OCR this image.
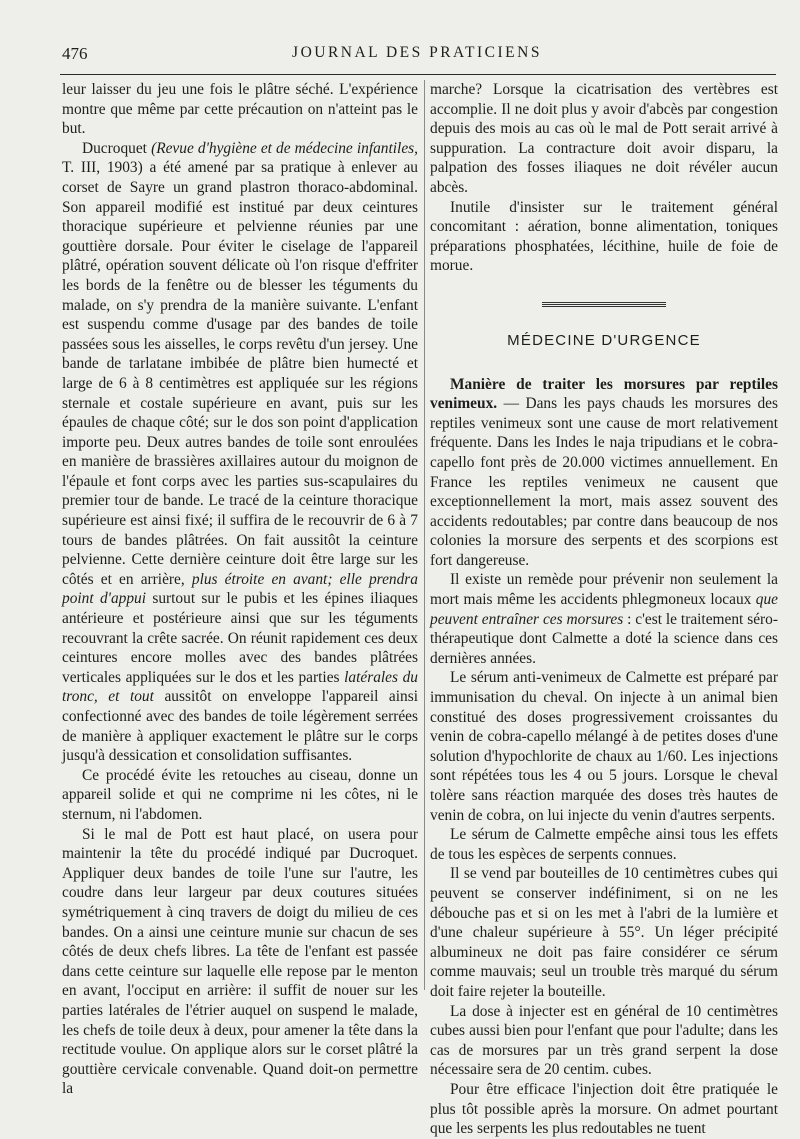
476	JOURNAL DES PRATICIENS

leur laisser du jeu une fois le plâtre séché. L'expérience montre que même par cette précaution on n'atteint pas le but.

Ducroquet (Revue d'hygiène et de médecine infantiles, T. III, 1903) a été amené par sa pratique à enlever au corset de Sayre un grand plastron thoraco-abdominal. Son appareil modifié est institué par deux ceintures thoracique supérieure et pelvienne réunies par une gouttière dorsale. Pour éviter le ciselage de l'appareil plâtré, opération souvent délicate où l'on risque d'effriter les bords de la fenêtre ou de blesser les téguments du malade, on s'y prendra de la manière suivante. L'enfant est suspendu comme d'usage par des bandes de toile passées sous les aisselles, le corps revêtu d'un jersey. Une bande de tarlatane imbibée de plâtre bien humecté et large de 6 à 8 centimètres est appliquée sur les régions sternale et costale supérieure en avant, puis sur les épaules de chaque côté; sur le dos son point d'application importe peu. Deux autres bandes de toile sont enroulées en manière de brassières axillaires autour du moignon de l'épaule et font corps avec les parties sus-scapulaires du premier tour de bande. Le tracé de la ceinture thoracique supérieure est ainsi fixé; il suffira de le recouvrir de 6 à 7 tours de bandes plâtrées. On fait aussitôt la ceinture pelvienne. Cette dernière ceinture doit être large sur les côtés et en arrière, plus étroite en avant; elle prendra point d'appui surtout sur le pubis et les épines iliaques antérieure et postérieure ainsi que sur les téguments recouvrant la crête sacrée. On réunit rapidement ces deux ceintures encore molles avec des bandes plâtrées verticales appliquées sur le dos et les parties latérales du tronc, et tout aussitôt on enveloppe l'appareil ainsi confectionné avec des bandes de toile légèrement serrées de manière à appliquer exactement le plâtre sur le corps jusqu'à dessication et consolidation suffisantes.

Ce procédé évite les retouches au ciseau, donne un appareil solide et qui ne comprime ni les côtes, ni le sternum, ni l'abdomen.

Si le mal de Pott est haut placé, on usera pour maintenir la tête du procédé indiqué par Ducroquet. Appliquer deux bandes de toile l'une sur l'autre, les coudre dans leur largeur par deux coutures situées symétriquement à cinq travers de doigt du milieu de ces bandes. On a ainsi une ceinture munie sur chacun de ses côtés de deux chefs libres. La tête de l'enfant est passée dans cette ceinture sur laquelle elle repose par le menton en avant, l'occiput en arrière: il suffit de nouer sur les parties latérales de l'étrier auquel on suspend le malade, les chefs de toile deux à deux, pour amener la tête dans la rectitude voulue. On applique alors sur le corset plâtré la gouttière cervicale convenable. Quand doit-on permettre la

marche? Lorsque la cicatrisation des vertèbres est accomplie. Il ne doit plus y avoir d'abcès par congestion depuis des mois au cas où le mal de Pott serait arrivé à suppuration. La contracture doit avoir disparu, la palpation des fosses iliaques ne doit révéler aucun abcès.

Inutile d'insister sur le traitement général concomitant : aération, bonne alimentation, toniques préparations phosphatées, lécithine, huile de foie de morue.

MÉDECINE D'URGENCE

Manière de traiter les morsures par reptiles venimeux. — Dans les pays chauds les morsures des reptiles venimeux sont une cause de mort relativement fréquente. Dans les Indes le naja tripudians et le cobra-capello font près de 20.000 victimes annuellement. En France les reptiles venimeux ne causent que exceptionnellement la mort, mais assez souvent des accidents redoutables; par contre dans beaucoup de nos colonies la morsure des serpents et des scorpions est fort dangereuse.

Il existe un remède pour prévenir non seulement la mort mais même les accidents phlegmoneux locaux que peuvent entraîner ces morsures : c'est le traitement séro-thérapeutique dont Calmette a doté la science dans ces dernières années.

Le sérum anti-venimeux de Calmette est préparé par immunisation du cheval. On injecte à un animal bien constitué des doses progressivement croissantes du venin de cobra-capello mélangé à de petites doses d'une solution d'hypochlorite de chaux au 1/60. Les injections sont répétées tous les 4 ou 5 jours. Lorsque le cheval tolère sans réaction marquée des doses très hautes de venin de cobra, on lui injecte du venin d'autres serpents.

Le sérum de Calmette empêche ainsi tous les effets de tous les espèces de serpents connues.

Il se vend par bouteilles de 10 centimètres cubes qui peuvent se conserver indéfiniment, si on ne les débouche pas et si on les met à l'abri de la lumière et d'une chaleur supérieure à 55°. Un léger précipité albumineux ne doit pas faire considérer ce sérum comme mauvais; seul un trouble très marqué du sérum doit faire rejeter la bouteille.

La dose à injecter est en général de 10 centimètres cubes aussi bien pour l'enfant que pour l'adulte; dans les cas de morsures par un très grand serpent la dose nécessaire sera de 20 centim. cubes.

Pour être efficace l'injection doit être pratiquée le plus tôt possible après la morsure. On admet pourtant que les serpents les plus redoutables ne tuent
